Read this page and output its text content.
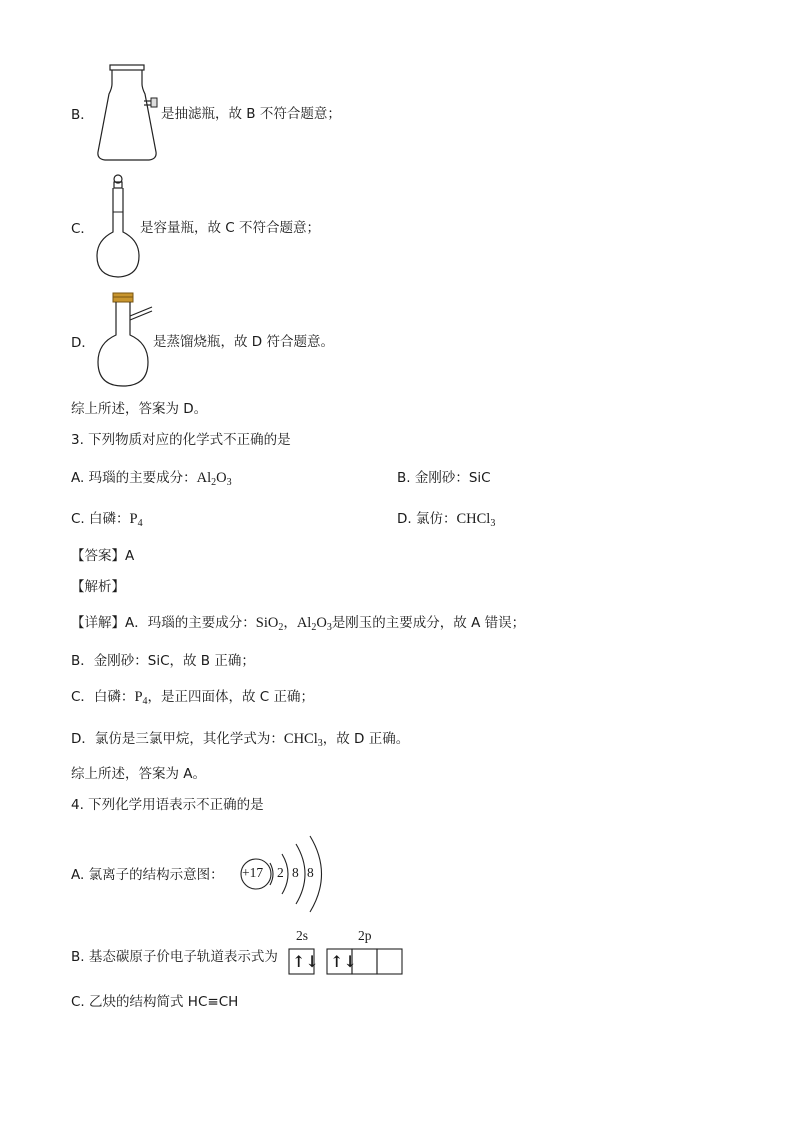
B．	是抽滤瓶，故 B 不符合题意；
C．	是容量瓶，故 C 不符合题意；
D．	是蒸馏烧瓶，故 D 符合题意。
综上所述，答案为 D。
3. 下列物质对应的化学式不正确的是
A. 玛瑙的主要成分：$Al_2O_3$	B. 金刚砂：SiC
C. 白磷：$P_4$	D. 氯仿：CHCl$_3$
【答案】A
【解析】
【详解】A．玛瑙的主要成分：SiO$_2$，$Al_2O_3$是刚玉的主要成分，故 A 错误；
B．金刚砂：SiC，故 B 正确；
C．白磷：$P_4$，是正四面体，故 C 正确；
D．氯仿是三氯甲烷，其化学式为：CHCl$_3$，故 D 正确。
综上所述，答案为 A。
4. 下列化学用语表示不正确的是
A. 氯离子的结构示意图： +17 2 8 8
B. 基态碳原子价电子轨道表示式为
2s	2p
↑↓ ↑↓
C. 乙炔的结构简式 HC≡CH
